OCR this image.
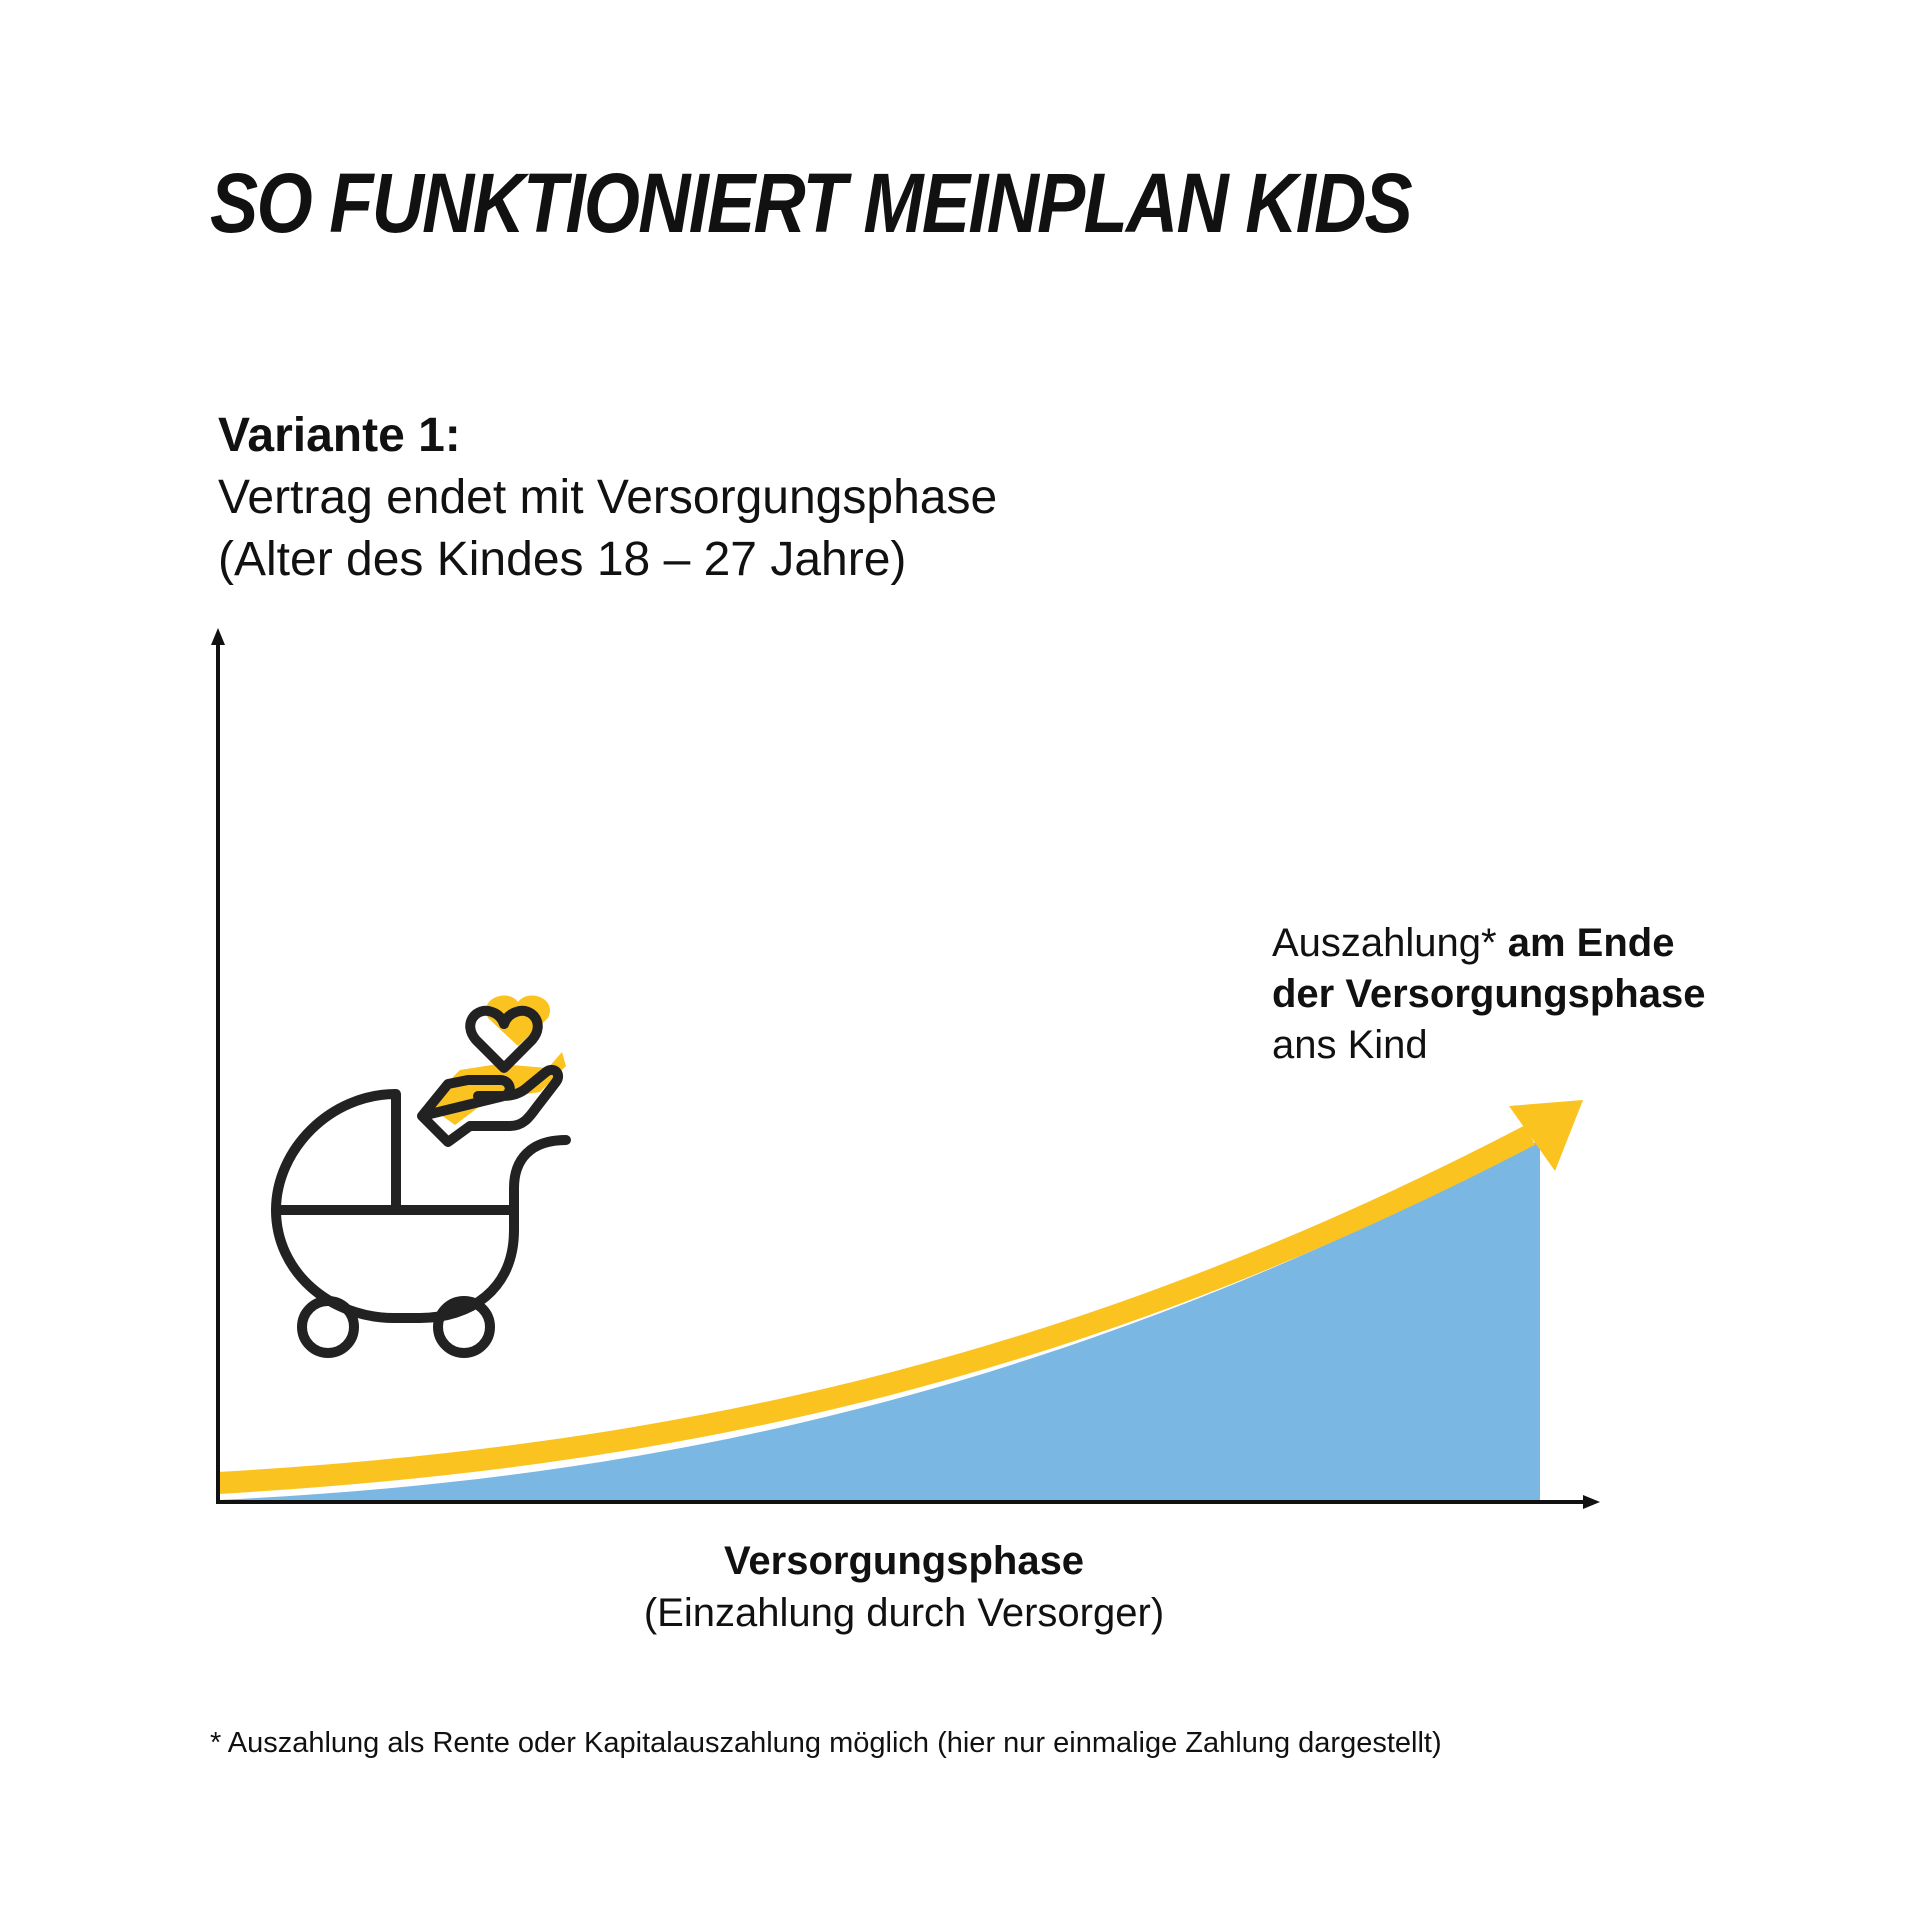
SO FUNKTIONIERT MEINPLAN KIDS
Variante 1:
Vertrag endet mit Versorgungsphase
(Alter des Kindes 18 – 27 Jahre)
Auszahlung* am Ende
der Versorgungsphase
ans Kind
Versorgungsphase
(Einzahlung durch Versorger)
* Auszahlung als Rente oder Kapitalauszahlung möglich (hier nur einmalige Zahlung dargestellt)
